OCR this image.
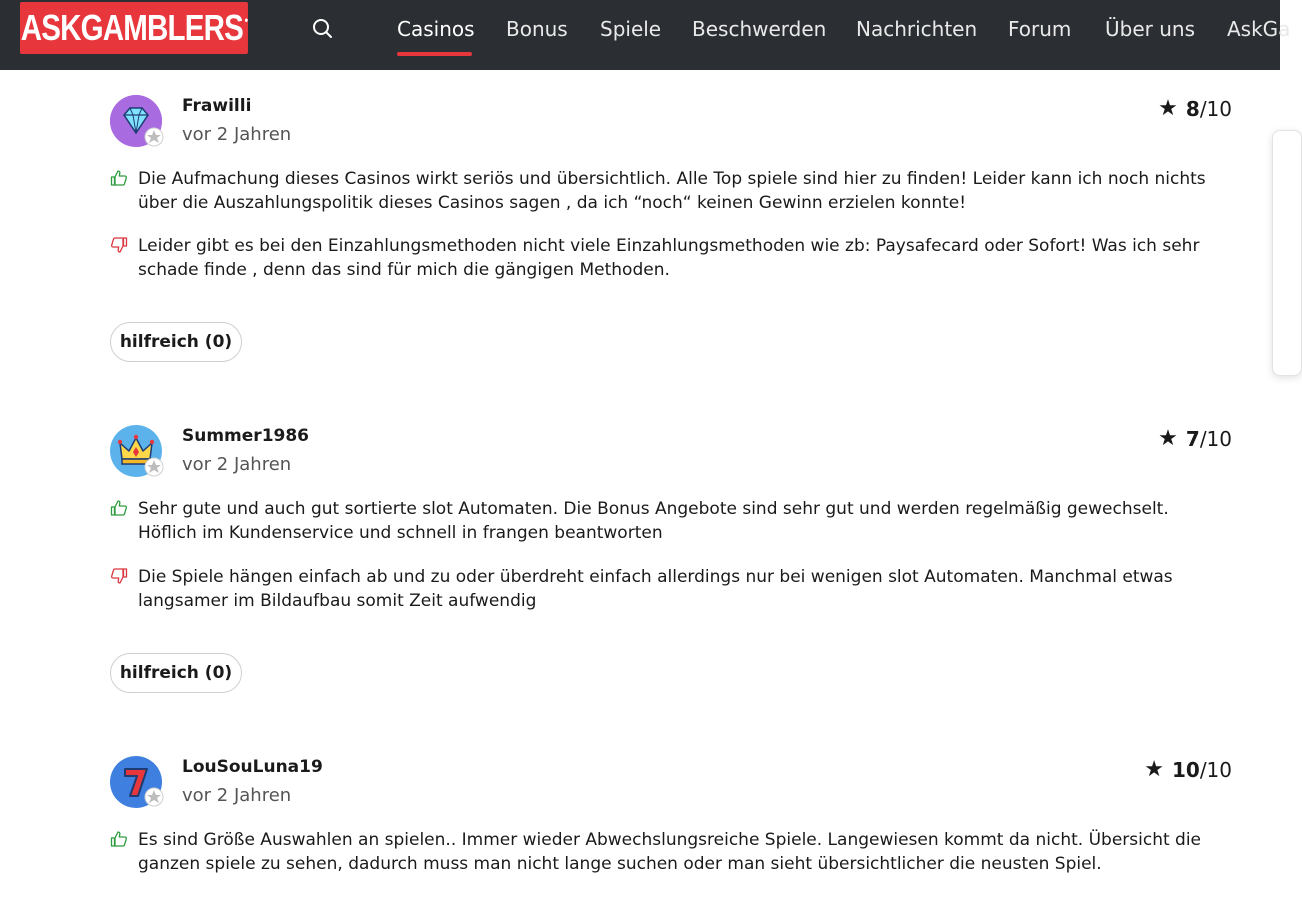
ASKGAMBLERS•	Casinos Bonus Spiele Beschwerden Nachrichten Forum Über uns AskGa
Frawilli
vor 2 Jahren
★ 8/10

Die Aufmachung dieses Casinos wirkt seriös und übersichtlich. Alle Top spiele sind hier zu finden! Leider kann ich noch nichts über die Auszahlungspolitik dieses Casinos sagen , da ich “noch“ keinen Gewinn erzielen konnte!

Leider gibt es bei den Einzahlungsmethoden nicht viele Einzahlungsmethoden wie zb: Paysafecard oder Sofort! Was ich sehr schade finde , denn das sind für mich die gängigen Methoden.

hilfreich (0)
Summer1986
vor 2 Jahren
★ 7/10

Sehr gute und auch gut sortierte slot Automaten. Die Bonus Angebote sind sehr gut und werden regelmäßig gewechselt. Höflich im Kundenservice und schnell in frangen beantworten

Die Spiele hängen einfach ab und zu oder überdreht einfach allerdings nur bei wenigen slot Automaten. Manchmal etwas langsamer im Bildaufbau somit Zeit aufwendig

hilfreich (0)
LouSouLuna19
vor 2 Jahren
★ 10/10

Es sind Größe Auswahlen an spielen.. Immer wieder Abwechslungsreiche Spiele. Langewiesen kommt da nicht. Übersicht die ganzen spiele zu sehen, dadurch muss man nicht lange suchen oder man sieht übersichtlicher die neusten Spiel.
